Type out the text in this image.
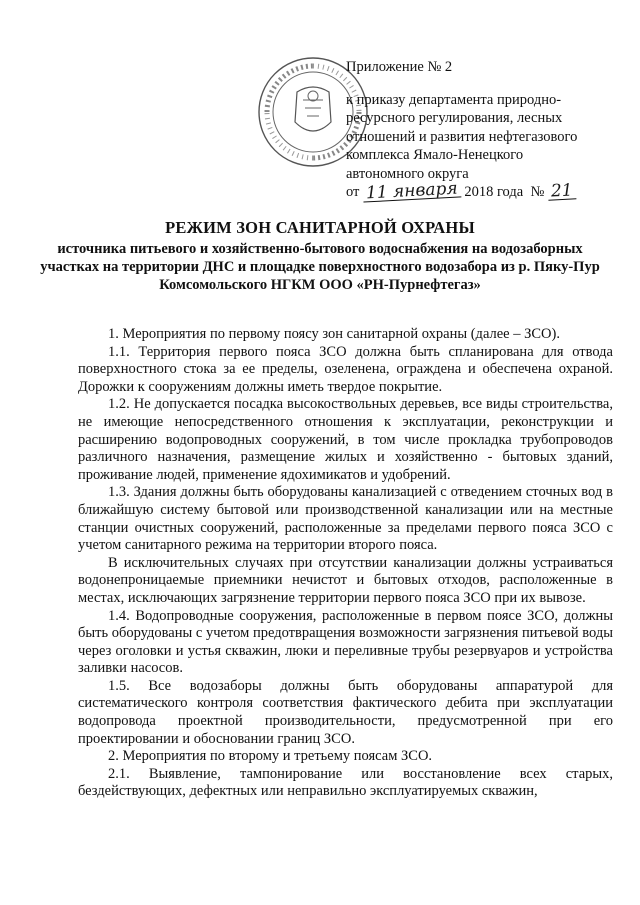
Приложение № 2
к приказу департамента природно-
ресурсного регулирования, лесных
отношений и развития нефтегазового
комплекса Ямало-Ненецкого
автономного округа
от 11 января 2018 года № 21
РЕЖИМ ЗОН САНИТАРНОЙ ОХРАНЫ
источника питьевого и хозяйственно-бытового водоснабжения на водозаборных участках на территории ДНС и площадке поверхностного водозабора из р. Пяку-Пур Комсомольского НГКМ ООО «РН-Пурнефтегаз»

1. Мероприятия по первому поясу зон санитарной охраны (далее – ЗСО).

1.1. Территория первого пояса ЗСО должна быть спланирована для отвода поверхностного стока за ее пределы, озеленена, ограждена и обеспечена охраной. Дорожки к сооружениям должны иметь твердое покрытие.

1.2. Не допускается посадка высокоствольных деревьев, все виды строительства, не имеющие непосредственного отношения к эксплуатации, реконструкции и расширению водопроводных сооружений, в том числе прокладка трубопроводов различного назначения, размещение жилых и хозяйственно - бытовых зданий, проживание людей, применение ядохимикатов и удобрений.

1.3. Здания должны быть оборудованы канализацией с отведением сточных вод в ближайшую систему бытовой или производственной канализации или на местные станции очистных сооружений, расположенные за пределами первого пояса ЗСО с учетом санитарного режима на территории второго пояса.

В исключительных случаях при отсутствии канализации должны устраиваться водонепроницаемые приемники нечистот и бытовых отходов, расположенные в местах, исключающих загрязнение территории первого пояса ЗСО при их вывозе.

1.4. Водопроводные сооружения, расположенные в первом поясе ЗСО, должны быть оборудованы с учетом предотвращения возможности загрязнения питьевой воды через оголовки и устья скважин, люки и переливные трубы резервуаров и устройства заливки насосов.

1.5. Все водозаборы должны быть оборудованы аппаратурой для систематического контроля соответствия фактического дебита при эксплуатации водопровода проектной производительности, предусмотренной при его проектировании и обосновании границ ЗСО.

2. Мероприятия по второму и третьему поясам ЗСО.

2.1. Выявление, тампонирование или восстановление всех старых, бездействующих, дефектных или неправильно эксплуатируемых скважин,
